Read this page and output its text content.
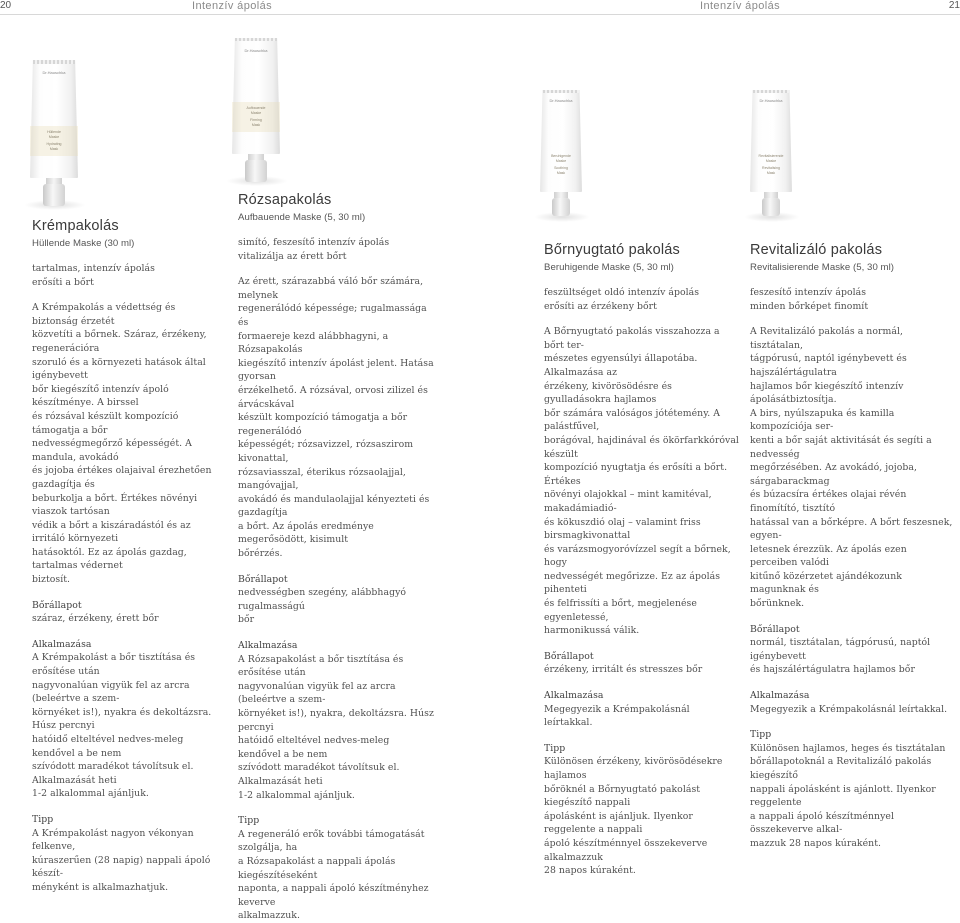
20	Intenzív ápolás	Intenzív ápolás	21
Dr.Hauschka
Hüllende
Maske
Hydrating
Mask
Dr.Hauschka
Aufbauende
Maske
Firming
Mask
Dr.Hauschka
Beruhigende
Maske
Soothing
Mask
Dr.Hauschka
Revitalisierende
Maske
Revitalising
Mask
Krémpakolás
Hüllende Maske (30 ml)

tartalmas, intenzív ápolás

erősíti a bőrt

A Krémpakolás a védettség és biztonság érzetét

közvetíti a bőrnek. Száraz, érzékeny, regenerációra

szoruló és a környezeti hatások által igénybevett

bőr kiegészítő intenzív ápoló készítménye. A birssel

és rózsával készült kompozíció támogatja a bőr

nedvességmegőrző képességét. A mandula, avokádó

és jojoba értékes olajaival érezhetően gazdagítja és

beburkolja a bőrt. Értékes növényi viaszok tartósan

védik a bőrt a kiszáradástól és az irritáló környezeti

hatásoktól. Ez az ápolás gazdag, tartalmas védernet

biztosít.

Bőrállapot

száraz, érzékeny, érett bőr

Alkalmazása

A Krémpakolást a bőr tisztítása és erősítése után

nagyvonalúan vigyük fel az arcra (beleértve a szem-

környéket is!), nyakra és dekoltázsra. Húsz percnyi

hatóidő elteltével nedves-meleg kendővel a be nem

szívódott maradékot távolítsuk el. Alkalmazását heti

1-2 alkalommal ajánljuk.

Tipp

A Krémpakolást nagyon vékonyan felkenve,

kúraszerűen (28 napig) nappali ápoló készít-

ményként is alkalmazhatjuk.

Rózsapakolás
Aufbauende Maske (5, 30 ml)

simító, feszesítő intenzív ápolás

vitalizálja az érett bőrt

Az érett, szárazabbá váló bőr számára, melynek

regenerálódó képessége; rugalmassága és

formaereje kezd alábbhagyni, a Rózsapakolás

kiegészítő intenzív ápolást jelent. Hatása gyorsan

érzékelhető. A rózsával, orvosi zilizel és árvácskával

készült kompozíció támogatja a bőr regenerálódó

képességét; rózsaviz​zel, rózsaszirom kivonattal,

rózsaviasszal, éterikus rózsaolajjal, mangóvajjal,

avokádó és mandulaolajjal kényezteti és gazdagítja

a bőrt. Az ápolás eredménye megerősödött, kisimult

bőrérzés.

Bőrállapot

nedvességben szegény, alábbhagyó rugalmasságú

bőr

Alkalmazása

A Rózsapakolást a bőr tisztítása és erősítése után

nagyvonalúan vigyük fel az arcra (beleértve a szem-

környéket is!), nyakra, dekoltázsra. Húsz percnyi

hatóidő elteltével nedves-meleg kendővel a be nem

szívódott maradékot távolítsuk el. Alkalmazását heti

1-2 alkalommal ajánljuk.

Tipp

A regeneráló erők további támogatását szolgálja, ha

a Rózsapakolást a nappali ápolás kiegészítéseként

naponta, a nappali ápoló készítményhez keverve

alkalmazzuk.

Bőrnyugtató pakolás
Beruhigende Maske (5, 30 ml)

feszültséget oldó intenzív ápolás

erősíti az érzékeny bőrt

A Bőrnyugtató pakolás visszahozza a bőrt ter-

mészetes egyensúlyi állapotába. Alkalmazása az

érzékeny, kivörösödésre és gyulladásokra hajlamos

bőr számára valóságos jótétemény. A palástfűvel,

borágóval, hajdinával és ökörfarkkóróval készült

kompozíció nyugtatja és erősíti a bőrt. Értékes

növényi olajokkal – mint kamitéval, makadámiadió-

és kökuszdió olaj – valamint friss birsmagkivonattal

és varázsmogyoróvízzel segít a bőrnek, hogy

nedvességét megőrizze. Ez az ápolás pihenteti

és felfrissíti a bőrt, megjelenése egyenletessé,

harmonikussá válik.

Bőrállapot

érzékeny, irritált és stresszes bőr

Alkalmazása

Megegyezik a Krémpakolásnál leírtakkal.

Tipp

Különösen érzékeny, kivörösödésekre hajlamos

bőröknél a Bőrnyugtató pakolást kiegészítő nappali

ápolásként is ajánljuk. Ilyenkor reggelente a nappali

ápoló készítménnyel összekeverve alkalmazzuk

28 napos kúraként.

Revitalizáló pakolás
Revitalisierende Maske (5, 30 ml)

feszesítő intenzív ápolás

minden bőrképet finomít

A Revitalizáló pakolás a normál, tisztátalan,

tágpórusú, naptól igénybevett és hajszálértágulatra

hajlamos bőr kiegészítő intenzív ápolásátbiztosítja.

A birs, nyúlszapuka és kamilla kompozíciója ser-

kenti a bőr saját aktivitását és segíti a nedvesség

megőrzésében. Az avokádó, jojoba, sárgabarackmag

és búzacsíra értékes olajai révén finomítító, tisztító

hatással van a bőrképre. A bőrt feszesnek, egyen-

letesnek érezzük. Az ápolás ezen perceiben valódi

kitűnő közérzetet ajándékozunk magunknak és

bőrünknek.

Bőrállapot

normál, tisztátalan, tágpórusú, naptól igénybevett

és hajszálértágulatra hajlamos bőr

Alkalmazása

Megegyezik a Krémpakolásnál leírtakkal.

Tipp

Különösen hajlamos, heges és tisztátalan

bőrállapotoknál a Revitalizáló pakolás kiegészítő

nappali ápolásként is ajánlott. Ilyenkor reggelente

a nappali ápoló készítménnyel összekeverve alkal-

mazzuk 28 napos kúraként.
